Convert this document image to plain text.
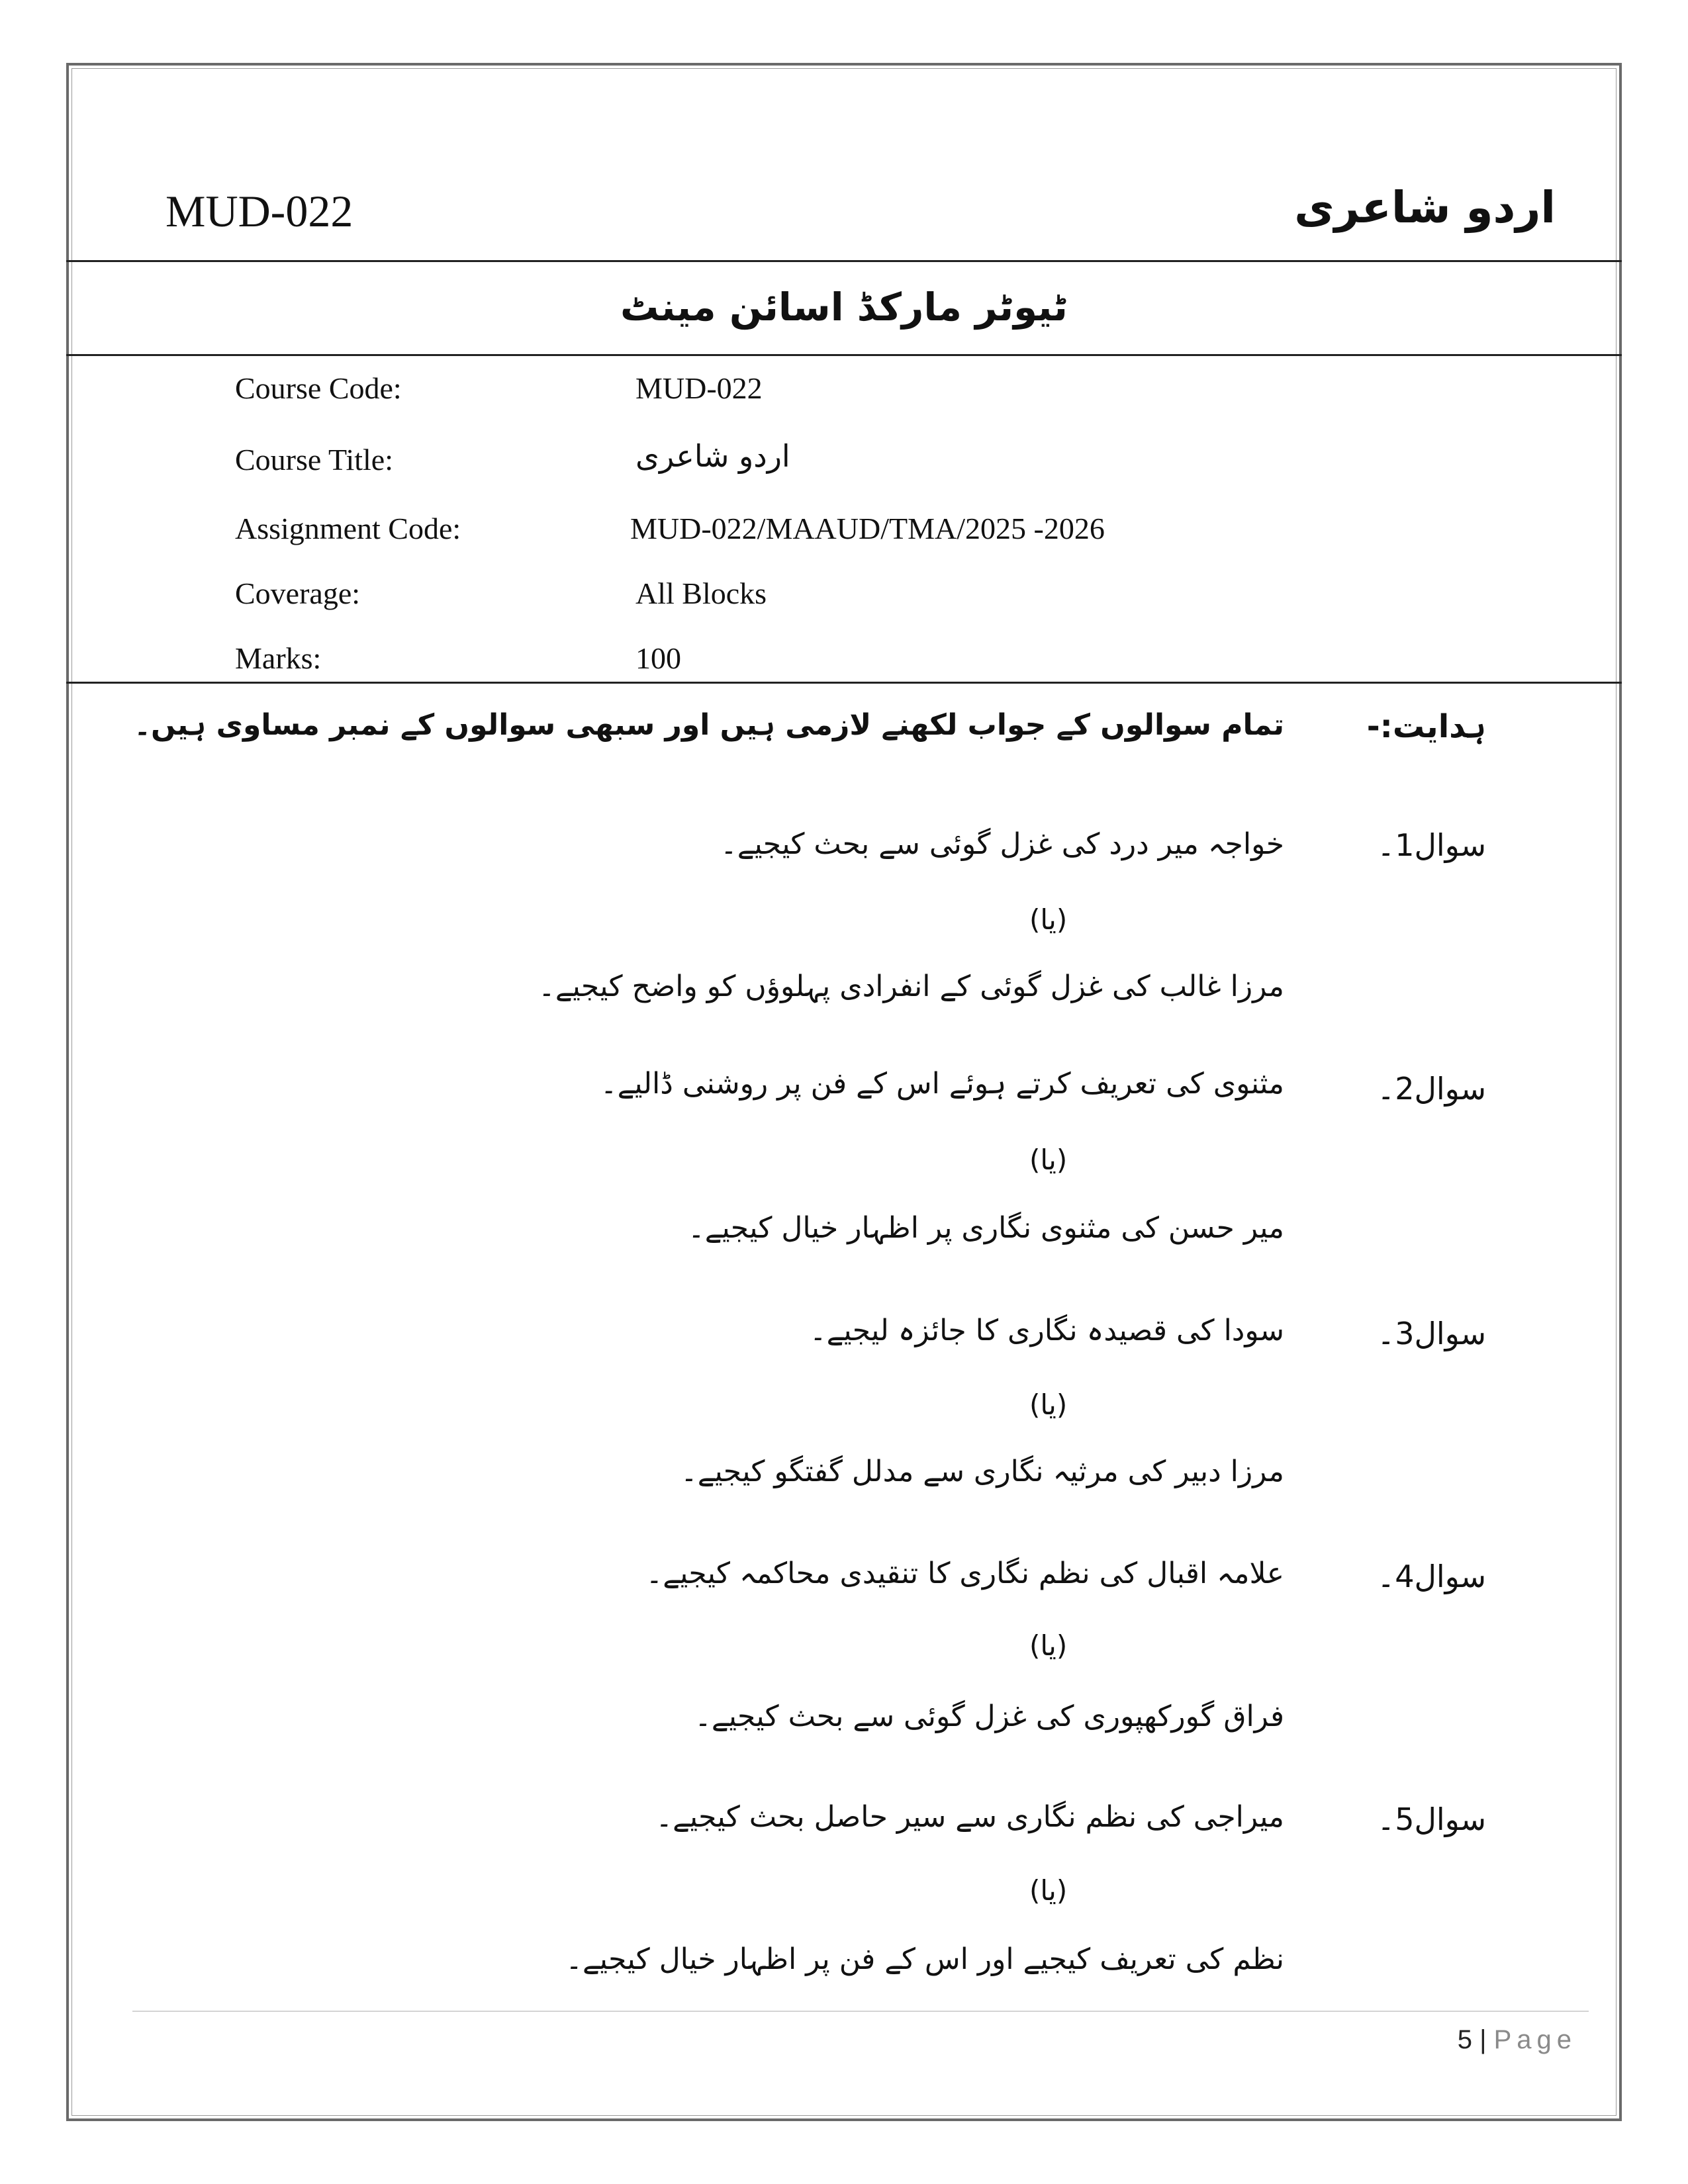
MUD-022	اردو شاعری
ٹیوٹر مارکڈ اسائن مینٹ
Course Code:	MUD-022
Course Title:	اردو شاعری
Assignment Code:	MUD-022/MAAUD/TMA/2025 -2026
Coverage:	All Blocks
Marks:	100
ہدایت:-
تمام سوالوں کے جواب لکھنے لازمی ہیں اور سبھی سوالوں کے نمبر مساوی ہیں۔
سوال1۔
خواجہ میر درد کی غزل گوئی سے بحث کیجیے۔
(یا)
مرزا غالب کی غزل گوئی کے انفرادی پہلوؤں کو واضح کیجیے۔
سوال2۔
مثنوی کی تعریف کرتے ہوئے اس کے فن پر روشنی ڈالیے۔
(یا)
میر حسن کی مثنوی نگاری پر اظہار خیال کیجیے۔
سوال3۔
سودا کی قصیدہ نگاری کا جائزہ لیجیے۔
(یا)
مرزا دبیر کی مرثیہ نگاری سے مدلل گفتگو کیجیے۔
سوال4۔
علامہ اقبال کی نظم نگاری کا تنقیدی محاکمہ کیجیے۔
(یا)
فراق گورکھپوری کی غزل گوئی سے بحث کیجیے۔
سوال5۔
میراجی کی نظم نگاری سے سیر حاصل بحث کیجیے۔
(یا)
نظم کی تعریف کیجیے اور اس کے فن پر اظہار خیال کیجیے۔
5 | Page
